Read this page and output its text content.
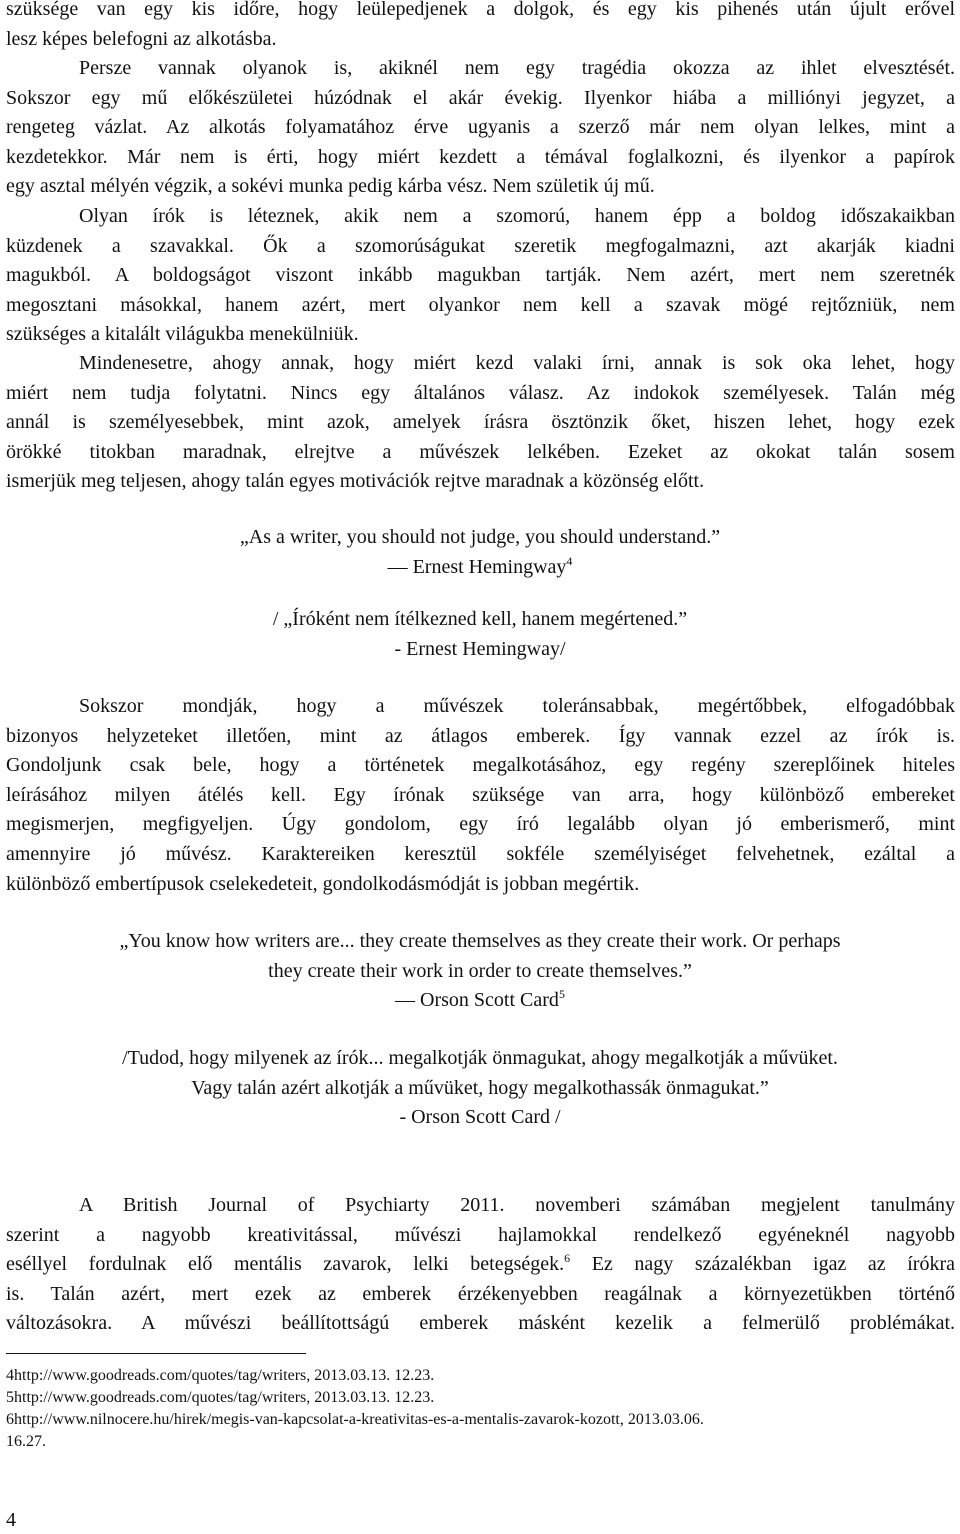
szüksége van egy kis időre, hogy leülepedjenek a dolgok, és egy kis pihenés után újult erővel
lesz képes belefogni az alkotásba.

Persze vannak olyanok is, akiknél nem egy tragédia okozza az ihlet elvesztését.
Sokszor egy mű előkészületei húzódnak el akár évekig. Ilyenkor hiába a milliónyi jegyzet, a
rengeteg vázlat. Az alkotás folyamatához érve ugyanis a szerző már nem olyan lelkes, mint a
kezdetekkor. Már nem is érti, hogy miért kezdett a témával foglalkozni, és ilyenkor a papírok
egy asztal mélyén végzik, a sokévi munka pedig kárba vész. Nem születik új mű.

Olyan írók is léteznek, akik nem a szomorú, hanem épp a boldog időszakaikban
küzdenek a szavakkal. Ők a szomorúságukat szeretik megfogalmazni, azt akarják kiadni
magukból. A boldogságot viszont inkább magukban tartják. Nem azért, mert nem szeretnék
megosztani másokkal, hanem azért, mert olyankor nem kell a szavak mögé rejtőzniük, nem
szükséges a kitalált világukba menekülniük.

Mindenesetre, ahogy annak, hogy miért kezd valaki írni, annak is sok oka lehet, hogy
miért nem tudja folytatni. Nincs egy általános válasz. Az indokok személyesek. Talán még
annál is személyesebbek, mint azok, amelyek írásra ösztönzik őket, hiszen lehet, hogy ezek
örökké titokban maradnak, elrejtve a művészek lelkében. Ezeket az okokat talán sosem
ismerjük meg teljesen, ahogy talán egyes motivációk rejtve maradnak a közönség előtt.

„As a writer, you should not judge, you should understand.”
― Ernest Hemingway$^4$
/ „Íróként nem ítélkezned kell, hanem megértened.”
- Ernest Hemingway/

Sokszor mondják, hogy a művészek toleránsabbak, megértőbbek, elfogadóbbak
bizonyos helyzeteket illetően, mint az átlagos emberek. Így vannak ezzel az írók is.
Gondoljunk csak bele, hogy a történetek megalkotásához, egy regény szereplőinek hiteles
leírásához milyen átélés kell. Egy írónak szüksége van arra, hogy különböző embereket
megismerjen, megfigyeljen. Úgy gondolom, egy író legalább olyan jó emberismerő, mint
amennyire jó művész. Karaktereiken keresztül sokféle személyiséget felvehetnek, ezáltal a
különböző embertípusok cselekedeteit, gondolkodásmódját is jobban megértik.

„You know how writers are... they create themselves as they create their work. Or perhaps
they create their work in order to create themselves.”
― Orson Scott Card$^5$
/Tudod, hogy milyenek az írók... megalkotják önmagukat, ahogy megalkotják a művüket.
Vagy talán azért alkotják a művüket, hogy megalkothassák önmagukat.”
- Orson Scott Card /

A British Journal of Psychiarty 2011. novemberi számában megjelent tanulmány
szerint a nagyobb kreativitással, művészi hajlamokkal rendelkező egyéneknél nagyobb
eséllyel fordulnak elő mentális zavarok, lelki betegségek.$^6$ Ez nagy százalékban igaz az írókra
is. Talán azért, mert ezek az emberek érzékenyebben reagálnak a környezetükben történő
változásokra. A művészi beállítottságú emberek másként kezelik a felmerülő problémákat.

4http://www.goodreads.com/quotes/tag/writers, 2013.03.13. 12.23.
5http://www.goodreads.com/quotes/tag/writers, 2013.03.13. 12.23.
6http://www.nilnocere.hu/hirek/megis-van-kapcsolat-a-kreativitas-es-a-mentalis-zavarok-kozott, 2013.03.06.
16.27.
4
